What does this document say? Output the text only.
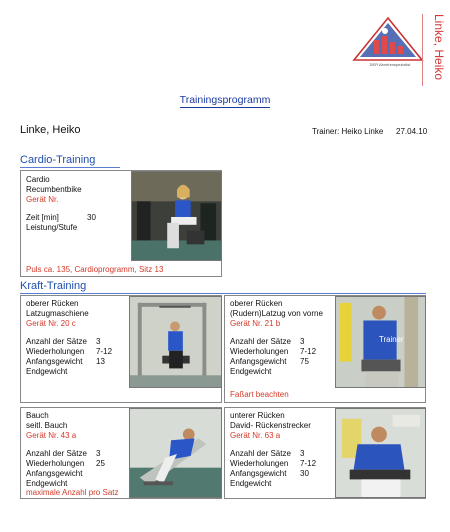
DER Abnehmspezialist	Linke, Heiko
Trainingsprogramm
Linke, Heiko	Trainer: Heiko Linke 27.04.10
Cardio-Training
Cardio
Recumbentbike
Gerät Nr.
Zeit [min]	30
Leistung/Stufe
Puls ca. 135, Cardioprogramm, Sitz 13
Kraft-Training
oberer Rücken
Latzugmaschiene
Gerät Nr. 20 c
Anzahl der Sätze 3
Wiederholungen 7-12
Anfangsgewicht 13
Endgewicht
oberer Rücken
(Rudern)Latzug von vorne
Gerät Nr. 21 b
Anzahl der Sätze 3
Wiederholungen 7-12
Anfangsgewicht 75
Endgewicht
Faßart beachten
Trainer
Bauch
seitl. Bauch
Gerät Nr. 43 a
Anzahl der Sätze 3
Wiederholungen 25
Anfangsgewicht
Endgewicht
maximale Anzahl pro Satz
unterer Rücken
David- Rückenstrecker
Gerät Nr. 63 a
Anzahl der Sätze 3
Wiederholungen 7-12
Anfangsgewicht 30
Endgewicht
